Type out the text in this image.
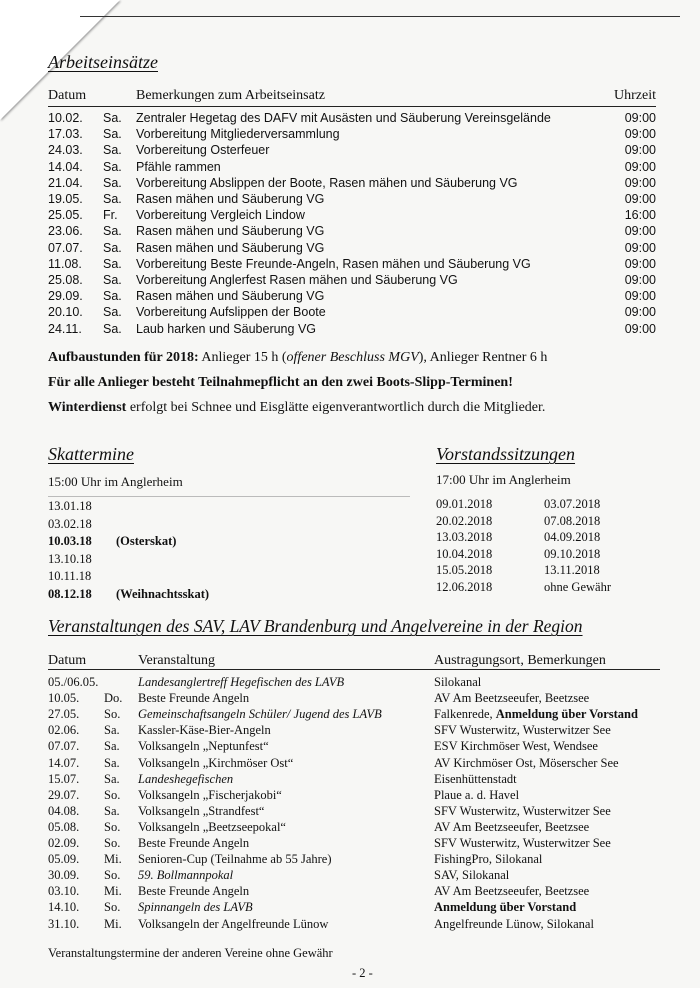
Arbeitseinsätze
Datum	Bemerkungen zum Arbeitseinsatz	Uhrzeit
10.02. Sa. Zentraler Hegetag des DAFV mit Ausästen und Säuberung Vereinsgelände	09:00
17.03. Sa. Vorbereitung Mitgliederversammlung	09:00
24.03. Sa. Vorbereitung Osterfeuer	09:00
14.04. Sa. Pfähle rammen	09:00
21.04. Sa. Vorbereitung Abslippen der Boote, Rasen mähen und Säuberung VG	09:00
19.05. Sa. Rasen mähen und Säuberung VG	09:00
25.05. Fr. Vorbereitung Vergleich Lindow	16:00
23.06. Sa. Rasen mähen und Säuberung VG	09:00
07.07. Sa. Rasen mähen und Säuberung VG	09:00
11.08. Sa. Vorbereitung Beste Freunde-Angeln, Rasen mähen und Säuberung VG	09:00
25.08. Sa. Vorbereitung Anglerfest Rasen mähen und Säuberung VG	09:00
29.09. Sa. Rasen mähen und Säuberung VG	09:00
20.10. Sa. Vorbereitung Aufslippen der Boote	09:00
24.11. Sa. Laub harken und Säuberung VG	09:00
Aufbaustunden für 2018: Anlieger 15 h (offener Beschluss MGV), Anlieger Rentner 6 h
Für alle Anlieger besteht Teilnahmepflicht an den zwei Boots-Slipp-Terminen!
Winterdienst erfolgt bei Schnee und Eisglätte eigenverantwortlich durch die Mitglieder.
Skattermine
15:00 Uhr im Anglerheim
13.01.18
03.02.18
10.03.18 (Osterskat)
13.10.18
10.11.18
08.12.18 (Weihnachtsskat)
Vorstandssitzungen
17:00 Uhr im Anglerheim
09.01.2018	03.07.2018
20.02.2018	07.08.2018
13.03.2018	04.09.2018
10.04.2018	09.10.2018
15.05.2018	13.11.2018
12.06.2018	ohne Gewähr
Veranstaltungen des SAV, LAV Brandenburg und Angelvereine in der Region
Datum	Veranstaltung	Austragungsort, Bemerkungen
05./06.05.	Landesanglertreff Hegefischen des LAVB	Silokanal
10.05. Do. Beste Freunde Angeln	AV Am Beetzseeufer, Beetzsee
27.05. So. Gemeinschaftsangeln Schüler/ Jugend des LAVB	Falkenrede, Anmeldung über Vorstand
02.06. Sa. Kassler-Käse-Bier-Angeln	SFV Wusterwitz, Wusterwitzer See
07.07. Sa. Volksangeln „Neptunfest“	ESV Kirchmöser West, Wendsee
14.07. Sa. Volksangeln „Kirchmöser Ost“	AV Kirchmöser Ost, Möserscher See
15.07. Sa. Landeshegefischen	Eisenhüttenstadt
29.07. So. Volksangeln „Fischerjakobi“	Plaue a. d. Havel
04.08. Sa. Volksangeln „Strandfest“	SFV Wusterwitz, Wusterwitzer See
05.08. So. Volksangeln „Beetzseepokal“	AV Am Beetzseeufer, Beetzsee
02.09. So. Beste Freunde Angeln	SFV Wusterwitz, Wusterwitzer See
05.09. Mi. Senioren-Cup (Teilnahme ab 55 Jahre)	FishingPro, Silokanal
30.09. So. 59. Bollmannpokal	SAV, Silokanal
03.10. Mi. Beste Freunde Angeln	AV Am Beetzseeufer, Beetzsee
14.10. So. Spinnangeln des LAVB	Anmeldung über Vorstand
31.10. Mi. Volksangeln der Angelfreunde Lünow	Angelfreunde Lünow, Silokanal
Veranstaltungstermine der anderen Vereine ohne Gewähr
- 2 -
